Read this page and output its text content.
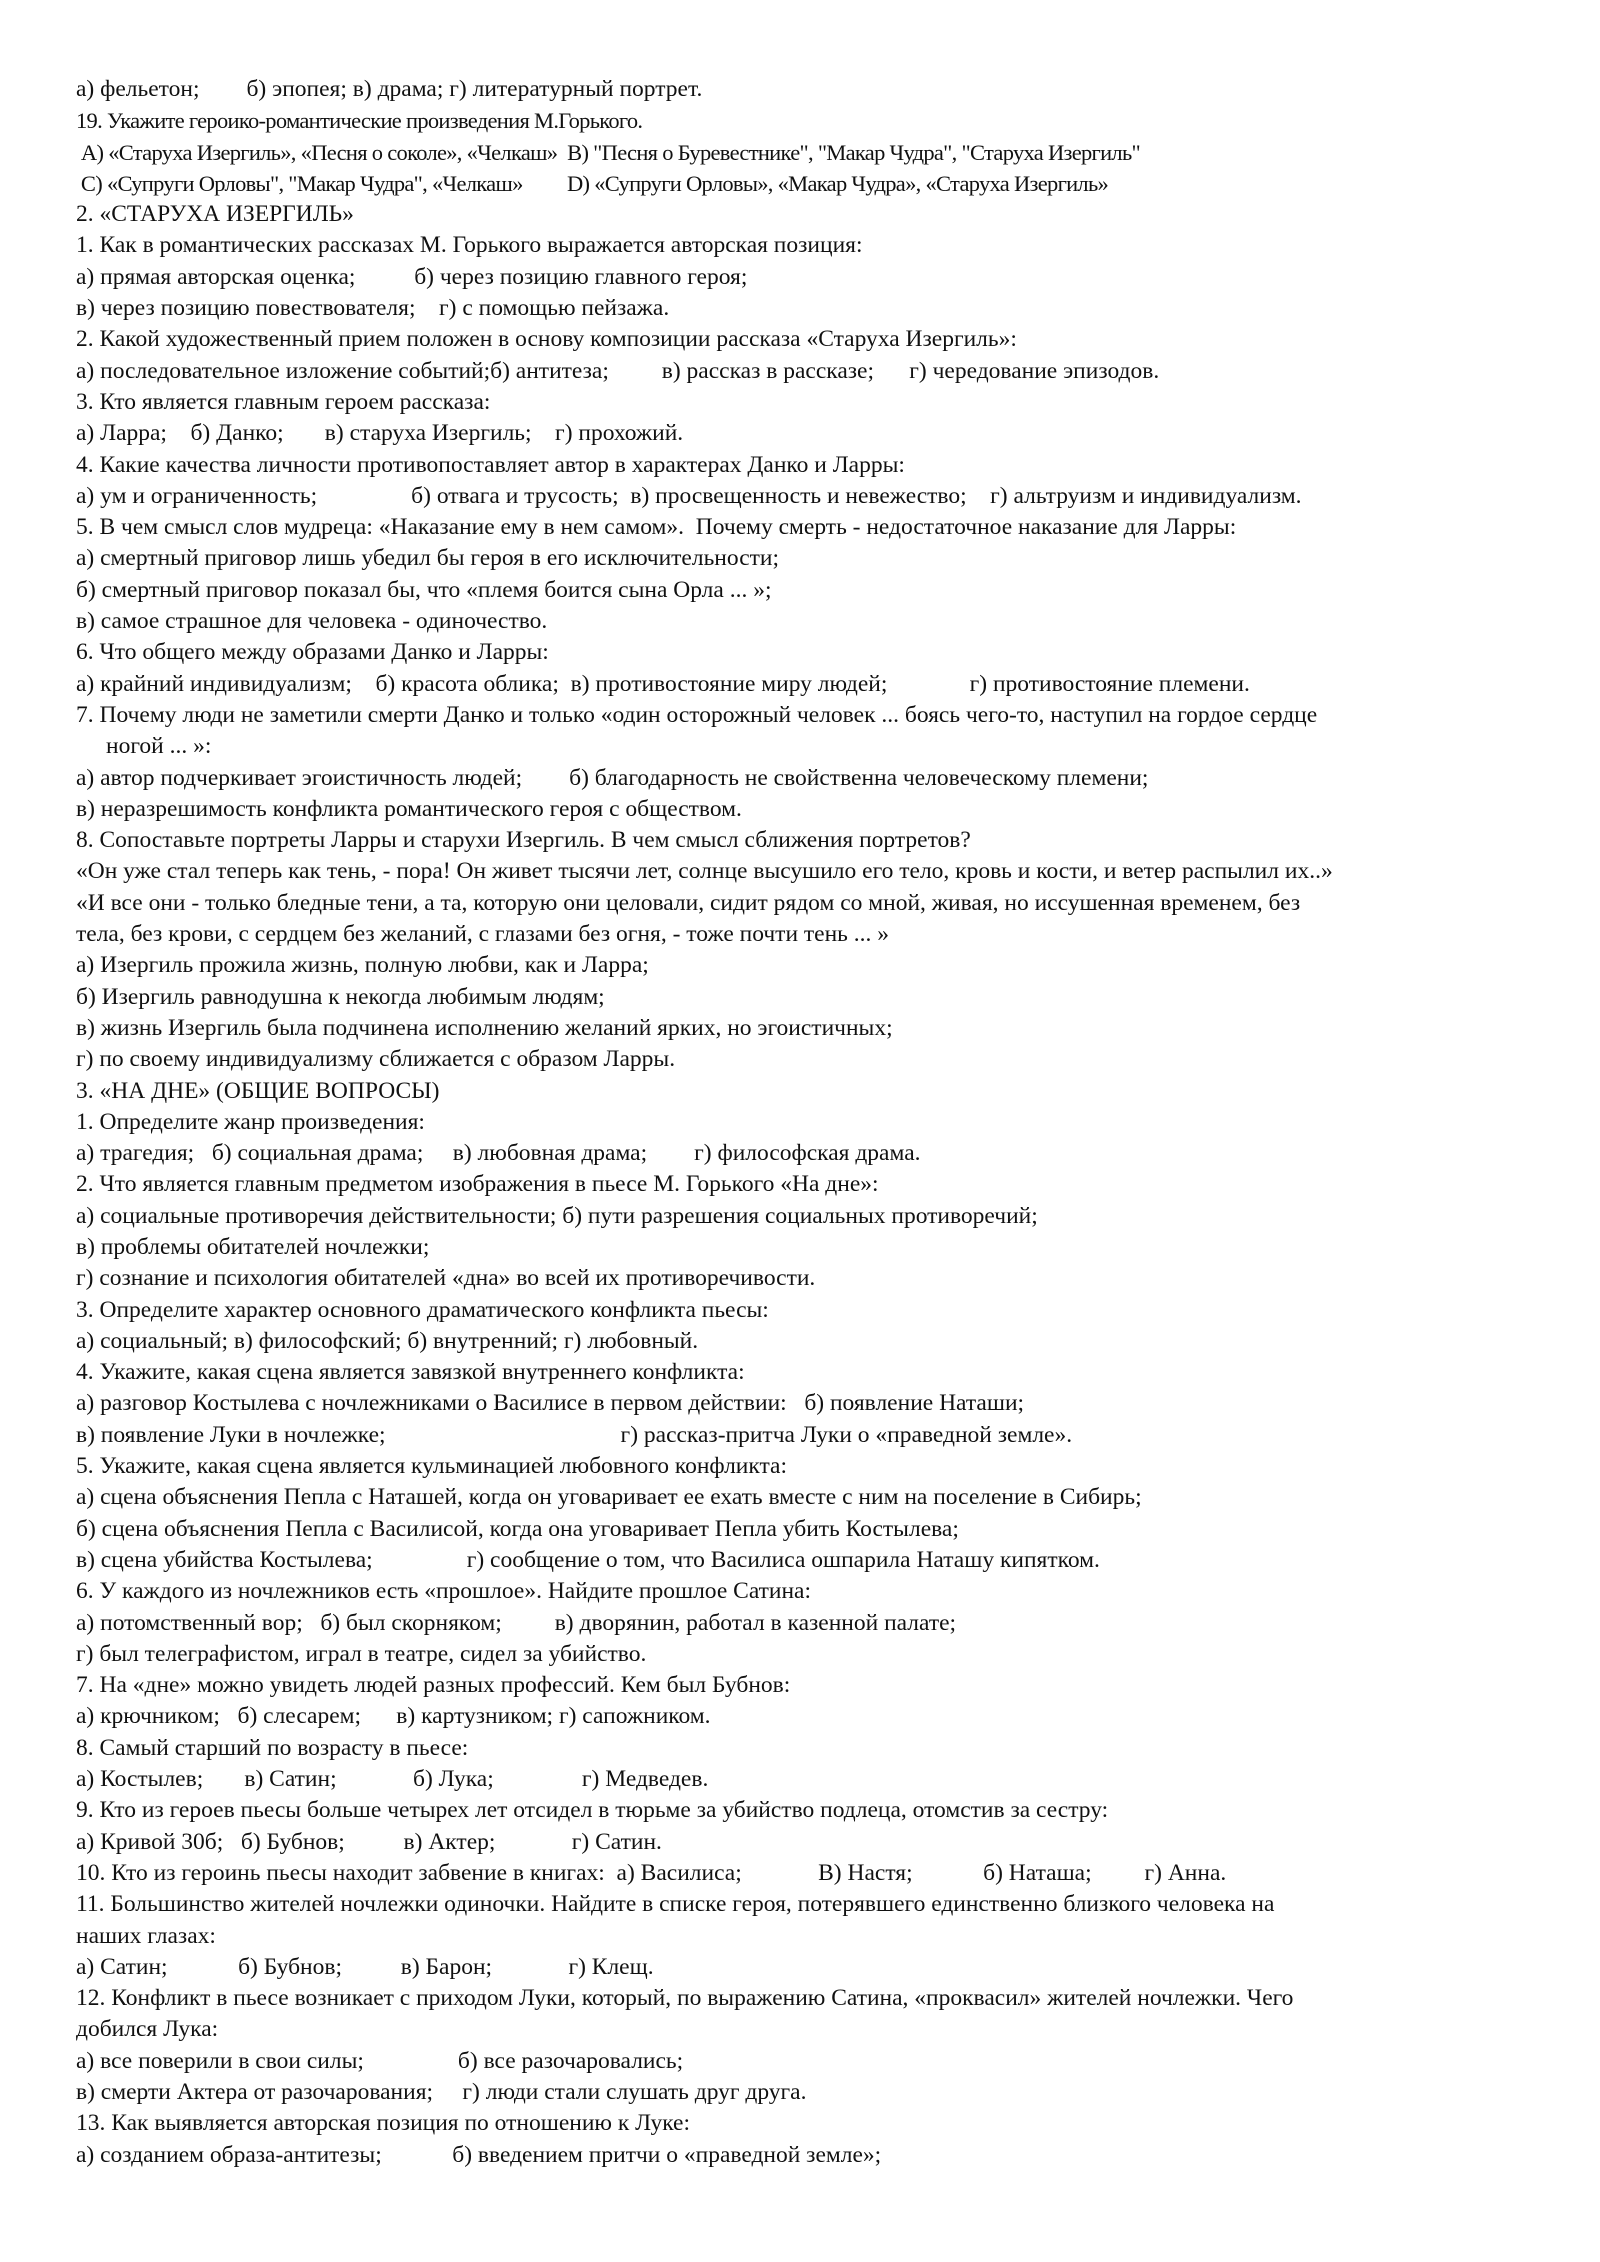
а) фельетон;        б) эпопея; в) драма; г) литературный портрет.
19. Укажите героико-романтические произведения М.Горького.
А) «Старуха Изергиль», «Песня о соколе», «Челкаш»  В) "Песня о Буревестнике", "Макар Чудра", "Старуха Изергиль"
С) «Супруги Орловы", "Макар Чудра", «Челкаш»         D) «Супруги Орловы», «Макар Чудра», «Старуха Изергиль»
2. «СТАРУХА ИЗЕРГИЛЬ»
1. Как в романтических рассказах М. Горького выражается авторская позиция:
а) прямая авторская оценка;          б) через позицию главного героя;
в) через позицию повествователя;    г) с помощью пейзажа.
2. Какой художественный прием положен в основу композиции рассказа «Старуха Изергиль»:
а) последовательное изложение событий;б) антитеза;         в) рассказ в рассказе;      г) чередование эпизодов.
3. Кто является главным героем рассказа:
а) Ларра;    б) Данко;       в) старуха Изергиль;    г) прохожий.
4. Какие качества личности противопоставляет автор в характерах Данко и Ларры:
а) ум и ограниченность;                б) отвага и трусость;  в) просвещенность и невежество;    г) альтруизм и индивидуализм.
5. В чем смысл слов мудреца: «Наказание ему в нем самом».  Почему смерть - недостаточное наказание для Ларры:
а) смертный приговор лишь убедил бы героя в его исключительности;
б) смертный приговор показал бы, что «племя боится сына Орла ... »;
в) самое страшное для человека - одиночество.
6. Что общего между образами Данко и Ларры:
а) крайний индивидуализм;    б) красота облика;  в) противостояние миру людей;              г) противостояние племени.
7. Почему люди не заметили смерти Данко и только «один осторожный человек ... боясь чего-то, наступил на гордое сердце
ногой ... »:
а) автор подчеркивает эгоистичность людей;        б) благодарность не свойственна человеческому племени;
в) неразрешимость конфликта романтического героя с обществом.
8. Сопоставьте портреты Ларры и старухи Изергиль. В чем смысл сближения портретов?
«Он уже стал теперь как тень, - пора! Он живет тысячи лет, солнце высушило его тело, кровь и кости, и ветер распылил их..»
«И все они - только бледные тени, а та, которую они целовали, сидит рядом со мной, живая, но иссушенная временем, без
тела, без крови, с сердцем без желаний, с глазами без огня, - тоже почти тень ... »
а) Изергиль прожила жизнь, полную любви, как и Ларра;
б) Изергиль равнодушна к некогда любимым людям;
в) жизнь Изергиль была подчинена исполнению желаний ярких, но эгоистичных;
г) по своему индивидуализму сближается с образом Ларры.
3. «НА ДНЕ» (ОБЩИЕ ВОПРОСЫ)
1. Определите жанр произведения:
а) трагедия;   б) социальная драма;     в) любовная драма;        г) философская драма.
2. Что является главным предметом изображения в пьесе М. Горького «На дне»:
а) социальные противоречия действительности; б) пути разрешения социальных противоречий;
в) проблемы обитателей ночлежки;
г) сознание и психология обитателей «дна» во всей их противоречивости.
3. Определите характер основного драматического конфликта пьесы:
а) социальный; в) философский; б) внутренний; г) любовный.
4. Укажите, какая сцена является завязкой внутреннего конфликта:
а) разговор Костылева с ночлежниками о Василисе в первом действии:   б) появление Наташи;
в) появление Луки в ночлежке;                                        г) рассказ-притча Луки о «праведной земле».
5. Укажите, какая сцена является кульминацией любовного конфликта:
а) сцена объяснения Пепла с Наташей, когда он уговаривает ее ехать вместе с ним на поселение в Сибирь;
б) сцена объяснения Пепла с Василисой, когда она уговаривает Пепла убить Костылева;
в) сцена убийства Костылева;                г) сообщение о том, что Василиса ошпарила Наташу кипятком.
6. У каждого из ночлежников есть «прошлое». Найдите прошлое Сатина:
а) потомственный вор;   б) был скорняком;         в) дворянин, работал в казенной палате;
г) был телеграфистом, играл в театре, сидел за убийство.
7. На «дне» можно увидеть людей разных профессий. Кем был Бубнов:
а) крючником;   б) слесарем;      в) картузником; г) сапожником.
8. Самый старший по возрасту в пьесе:
а) Костылев;       в) Сатин;             б) Лука;               г) Медведев.
9. Кто из героев пьесы больше четырех лет отсидел в тюрьме за убийство подлеца, отомстив за сестру:
а) Кривой 30б;   б) Бубнов;          в) Актер;             г) Сатин.
10. Кто из героинь пьесы находит забвение в книгах:  а) Василиса;             В) Настя;            б) Наташа;         г) Анна.
11. Большинство жителей ночлежки одиночки. Найдите в списке героя, потерявшего единственно близкого человека на
наших глазах:
а) Сатин;            б) Бубнов;          в) Барон;             г) Клещ.
12. Конфликт в пьесе возникает с приходом Луки, который, по выражению Сатина, «проквасил» жителей ночлежки. Чего
добился Лука:
а) все поверили в свои силы;                б) все разочаровались;
в) смерти Актера от разочарования;     г) люди стали слушать друг друга.
13. Как выявляется авторская позиция по отношению к Луке:
а) созданием образа-антитезы;            б) введением притчи о «праведной земле»;
